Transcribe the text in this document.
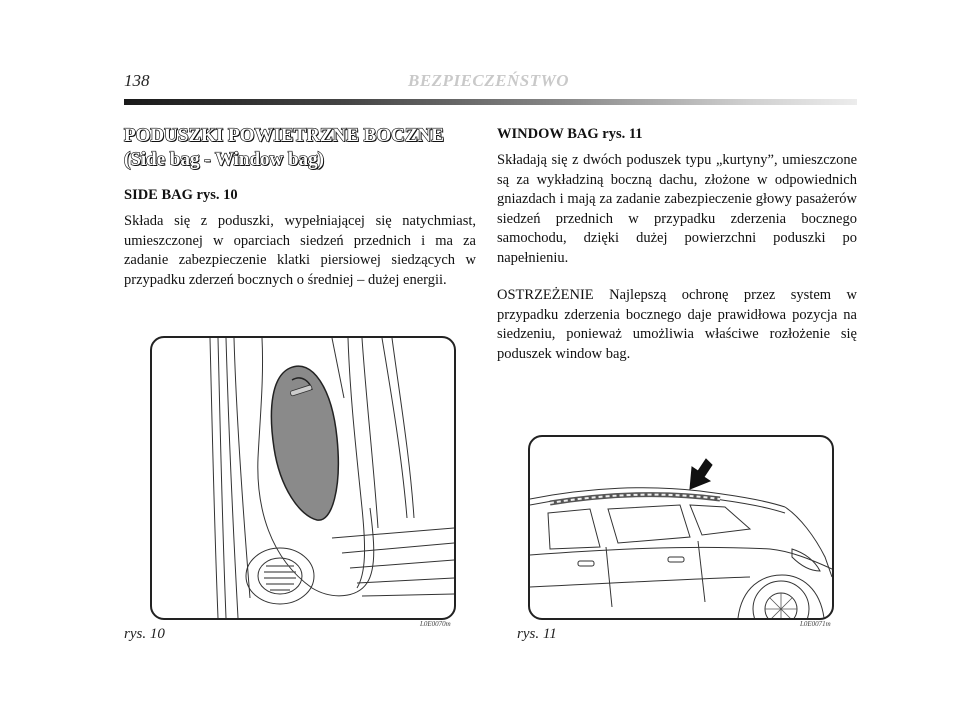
138	BEZPIECZEŃSTWO
PODUSZKI POWIETRZNE BOCZNE
(Side bag - Window bag)

SIDE BAG rys. 10

Składa się z poduszki, wypełniającej się natychmiast, umieszczonej w oparciach siedzeń przednich i ma za zadanie zabezpieczenie klatki piersiowej siedzących w przypadku zderzeń bocznych o średniej – dużej energii.

WINDOW BAG rys. 11

Składają się z dwóch poduszek typu „kurtyny”, umieszczone są za wykładziną boczną dachu, złożone w odpowiednich gniazdach i mają za zadanie zabezpieczenie głowy pasażerów siedzeń przednich w przypadku zderzenia bocznego samochodu, dzięki dużej powierzchni poduszki po napełnieniu.

OSTRZEŻENIE Najlepszą ochronę przez system w przypadku zderzenia bocznego daje prawidłowa pozycja na siedzeniu, ponieważ umożliwia właściwe rozłożenie się poduszek window bag.

rys. 10
L0E0070m
rys. 11
L0E0071m
